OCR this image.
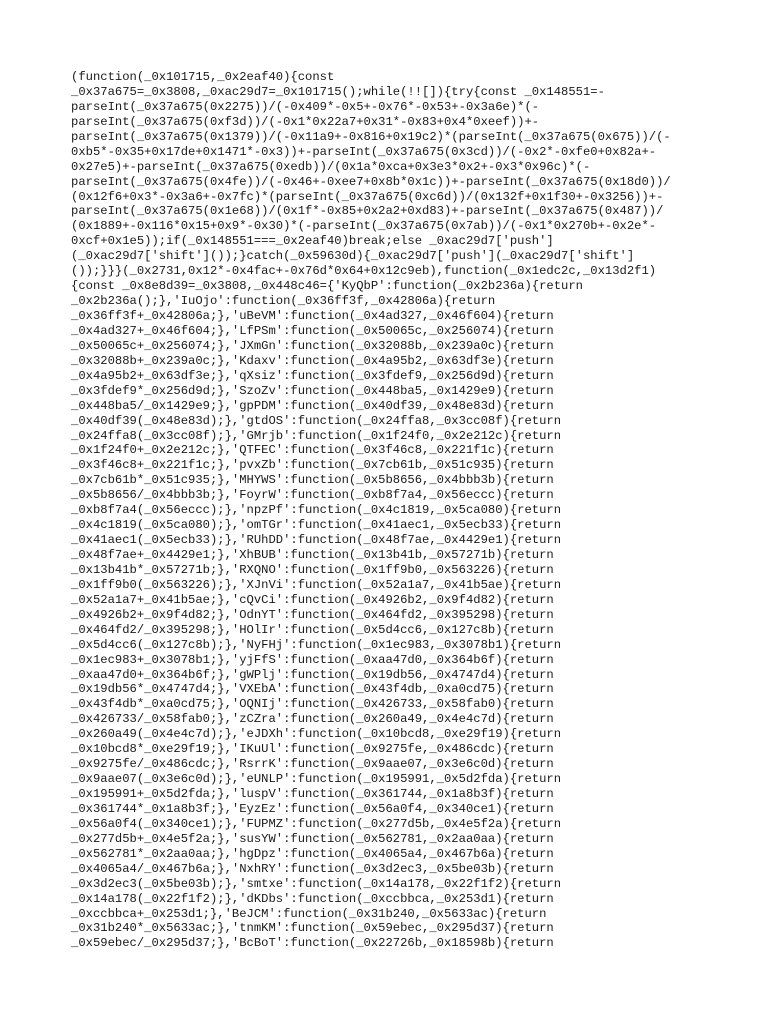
(function(_0x101715,_0x2eaf40){const
_0x37a675=_0x3808,_0xac29d7=_0x101715();while(!![]){try{const _0x148551=-
parseInt(_0x37a675(0x2275))/(-0x409*-0x5+-0x76*-0x53+-0x3a6e)*(-
parseInt(_0x37a675(0xf3d))/(-0x1*0x22a7+0x31*-0x83+0x4*0xeef))+-
parseInt(_0x37a675(0x1379))/(-0x11a9+-0x816+0x19c2)*(parseInt(_0x37a675(0x675))/(-
0xb5*-0x35+0x17de+0x1471*-0x3))+-parseInt(_0x37a675(0x3cd))/(-0x2*-0xfe0+0x82a+-
0x27e5)+-parseInt(_0x37a675(0xedb))/(0x1a*0xca+0x3e3*0x2+-0x3*0x96c)*(-
parseInt(_0x37a675(0x4fe))/(-0x46+-0xee7+0x8b*0x1c))+-parseInt(_0x37a675(0x18d0))/
(0x12f6+0x3*-0x3a6+-0x7fc)*(parseInt(_0x37a675(0xc6d))/(0x132f+0x1f30+-0x3256))+-
parseInt(_0x37a675(0x1e68))/(0x1f*-0x85+0x2a2+0xd83)+-parseInt(_0x37a675(0x487))/
(0x1889+-0x116*0x15+0x9*-0x30)*(-parseInt(_0x37a675(0x7ab))/(-0x1*0x270b+-0x2e*-
0xcf+0x1e5));if(_0x148551===_0x2eaf40)break;else _0xac29d7['push']
(_0xac29d7['shift']());}catch(_0x59630d){_0xac29d7['push'](_0xac29d7['shift']
());}}}(_0x2731,0x12*-0x4fac+-0x76d*0x64+0x12c9eb),function(_0x1edc2c,_0x13d2f1)
{const _0x8e8d39=_0x3808,_0x448c46={'KyQbP':function(_0x2b236a){return
_0x2b236a();},'IuOjo':function(_0x36ff3f,_0x42806a){return
_0x36ff3f+_0x42806a;},'uBeVM':function(_0x4ad327,_0x46f604){return
_0x4ad327+_0x46f604;},'LfPSm':function(_0x50065c,_0x256074){return
_0x50065c+_0x256074;},'JXmGn':function(_0x32088b,_0x239a0c){return
_0x32088b+_0x239a0c;},'Kdaxv':function(_0x4a95b2,_0x63df3e){return
_0x4a95b2+_0x63df3e;},'qXsiz':function(_0x3fdef9,_0x256d9d){return
_0x3fdef9*_0x256d9d;},'SzoZv':function(_0x448ba5,_0x1429e9){return
_0x448ba5/_0x1429e9;},'gpPDM':function(_0x40df39,_0x48e83d){return
_0x40df39(_0x48e83d);},'gtdOS':function(_0x24ffa8,_0x3cc08f){return
_0x24ffa8(_0x3cc08f);},'GMrjb':function(_0x1f24f0,_0x2e212c){return
_0x1f24f0+_0x2e212c;},'QTFEC':function(_0x3f46c8,_0x221f1c){return
_0x3f46c8+_0x221f1c;},'pvxZb':function(_0x7cb61b,_0x51c935){return
_0x7cb61b*_0x51c935;},'MHYWS':function(_0x5b8656,_0x4bbb3b){return
_0x5b8656/_0x4bbb3b;},'FoyrW':function(_0xb8f7a4,_0x56eccc){return
_0xb8f7a4(_0x56eccc);},'npzPf':function(_0x4c1819,_0x5ca080){return
_0x4c1819(_0x5ca080);},'omTGr':function(_0x41aec1,_0x5ecb33){return
_0x41aec1(_0x5ecb33);},'RUhDD':function(_0x48f7ae,_0x4429e1){return
_0x48f7ae+_0x4429e1;},'XhBUB':function(_0x13b41b,_0x57271b){return
_0x13b41b*_0x57271b;},'RXQNO':function(_0x1ff9b0,_0x563226){return
_0x1ff9b0(_0x563226);},'XJnVi':function(_0x52a1a7,_0x41b5ae){return
_0x52a1a7+_0x41b5ae;},'cQvCi':function(_0x4926b2,_0x9f4d82){return
_0x4926b2+_0x9f4d82;},'OdnYT':function(_0x464fd2,_0x395298){return
_0x464fd2/_0x395298;},'HOlIr':function(_0x5d4cc6,_0x127c8b){return
_0x5d4cc6(_0x127c8b);},'NyFHj':function(_0x1ec983,_0x3078b1){return
_0x1ec983+_0x3078b1;},'yjFfS':function(_0xaa47d0,_0x364b6f){return
_0xaa47d0+_0x364b6f;},'gWPlj':function(_0x19db56,_0x4747d4){return
_0x19db56*_0x4747d4;},'VXEbA':function(_0x43f4db,_0xa0cd75){return
_0x43f4db*_0xa0cd75;},'OQNIj':function(_0x426733,_0x58fab0){return
_0x426733/_0x58fab0;},'zCZra':function(_0x260a49,_0x4e4c7d){return
_0x260a49(_0x4e4c7d);},'eJDXh':function(_0x10bcd8,_0xe29f19){return
_0x10bcd8*_0xe29f19;},'IKuUl':function(_0x9275fe,_0x486cdc){return
_0x9275fe/_0x486cdc;},'RsrrK':function(_0x9aae07,_0x3e6c0d){return
_0x9aae07(_0x3e6c0d);},'eUNLP':function(_0x195991,_0x5d2fda){return
_0x195991+_0x5d2fda;},'luspV':function(_0x361744,_0x1a8b3f){return
_0x361744*_0x1a8b3f;},'EyzEz':function(_0x56a0f4,_0x340ce1){return
_0x56a0f4(_0x340ce1);},'FUPMZ':function(_0x277d5b,_0x4e5f2a){return
_0x277d5b+_0x4e5f2a;},'susYW':function(_0x562781,_0x2aa0aa){return
_0x562781*_0x2aa0aa;},'hgDpz':function(_0x4065a4,_0x467b6a){return
_0x4065a4/_0x467b6a;},'NxhRY':function(_0x3d2ec3,_0x5be03b){return
_0x3d2ec3(_0x5be03b);},'smtxe':function(_0x14a178,_0x22f1f2){return
_0x14a178(_0x22f1f2);},'dKDbs':function(_0xccbbca,_0x253d1){return
_0xccbbca+_0x253d1;},'BeJCM':function(_0x31b240,_0x5633ac){return
_0x31b240*_0x5633ac;},'tnmKM':function(_0x59ebec,_0x295d37){return
_0x59ebec/_0x295d37;},'BcBoT':function(_0x22726b,_0x18598b){return
